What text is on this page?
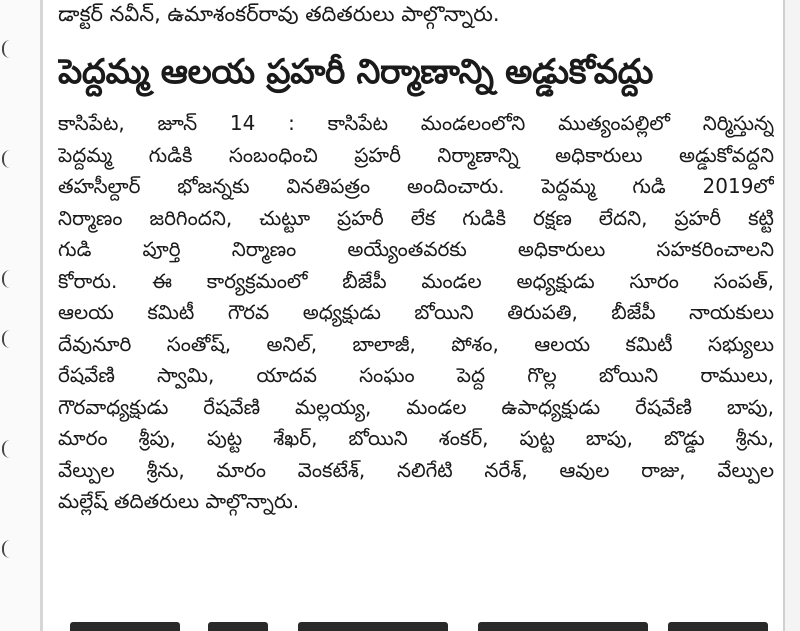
డాక్టర్ నవీన్, ఉమాశంకర్‌రావు తదితరులు పాల్గొన్నారు.
పెద్దమ్మ ఆలయ ప్రహరీ నిర్మాణాన్ని అడ్డుకోవద్దు
కాసిపేట, జూన్ 14 : కాసిపేట మండలంలోని ముత్యంపల్లిలో నిర్మిస్తున్న
పెద్దమ్మ గుడికి సంబంధించి ప్రహరీ నిర్మాణాన్ని అధికారులు అడ్డుకోవద్దని
తహసీల్దార్ భోజన్నకు వినతిపత్రం అందించారు. పెద్దమ్మ గుడి 2019లో
నిర్మాణం జరిగిందని, చుట్టూ ప్రహరీ లేక గుడికి రక్షణ లేదని, ప్రహరీ కట్టి
గుడి పూర్తి నిర్మాణం అయ్యేంతవరకు అధికారులు సహకరించాలని
కోరారు. ఈ కార్యక్రమంలో బీజేపీ మండల అధ్యక్షుడు సూరం సంపత్,
ఆలయ కమిటీ గౌరవ అధ్యక్షుడు బోయిని తిరుపతి, బీజేపీ నాయకులు
దేవునూరి సంతోష్, అనిల్, బాలాజీ, పోశం, ఆలయ కమిటీ సభ్యులు
రేషవేణి స్వామి, యాదవ సంఘం పెద్ద గొల్ల బోయిని రాములు,
గౌరవాధ్యక్షుడు రేషవేణి మల్లయ్య, మండల ఉపాధ్యక్షుడు రేషవేణి బాపు,
మారం శ్రీపు, పుట్ట శేఖర్, బోయిని శంకర్, పుట్ట బాపు, బొడ్డు శ్రీను,
వేల్పుల శ్రీను, మారం వెంకటేశ్, నలిగేటి నరేశ్, ఆవుల రాజు, వేల్పుల
మల్లేష్ తదితరులు పాల్గొన్నారు.
